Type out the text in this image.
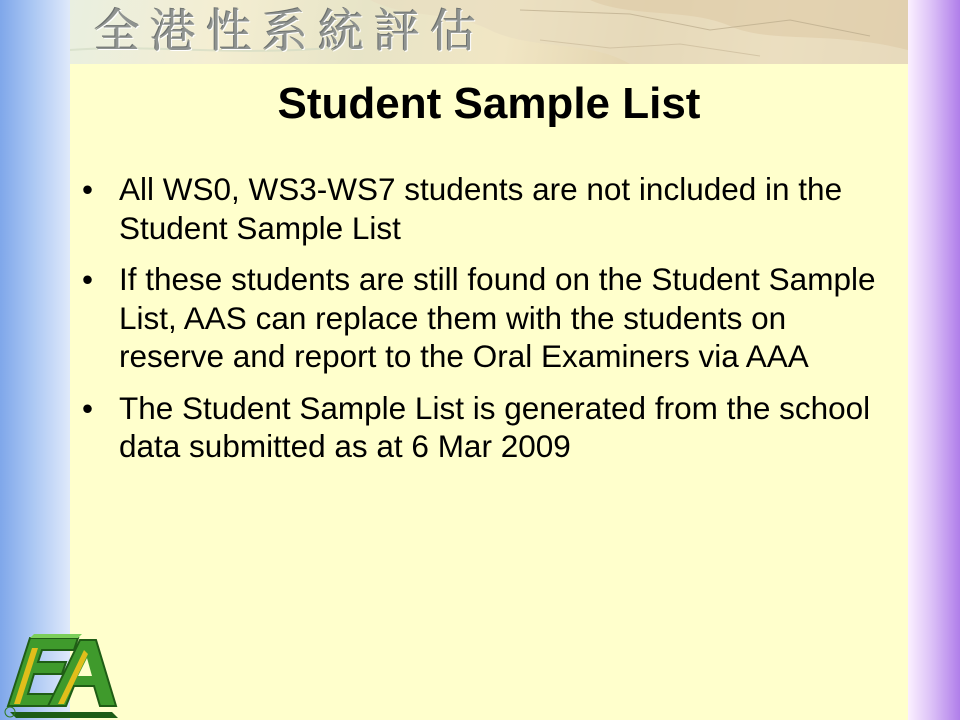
全港性系統評估
Student Sample List
• All WS0, WS3-WS7 students are not included in the Student Sample List
• If these students are still found on the Student Sample List, AAS can replace them with the students on reserve and report to the Oral Examiners via AAA
• The Student Sample List is generated from the school data submitted as at 6 Mar 2009
